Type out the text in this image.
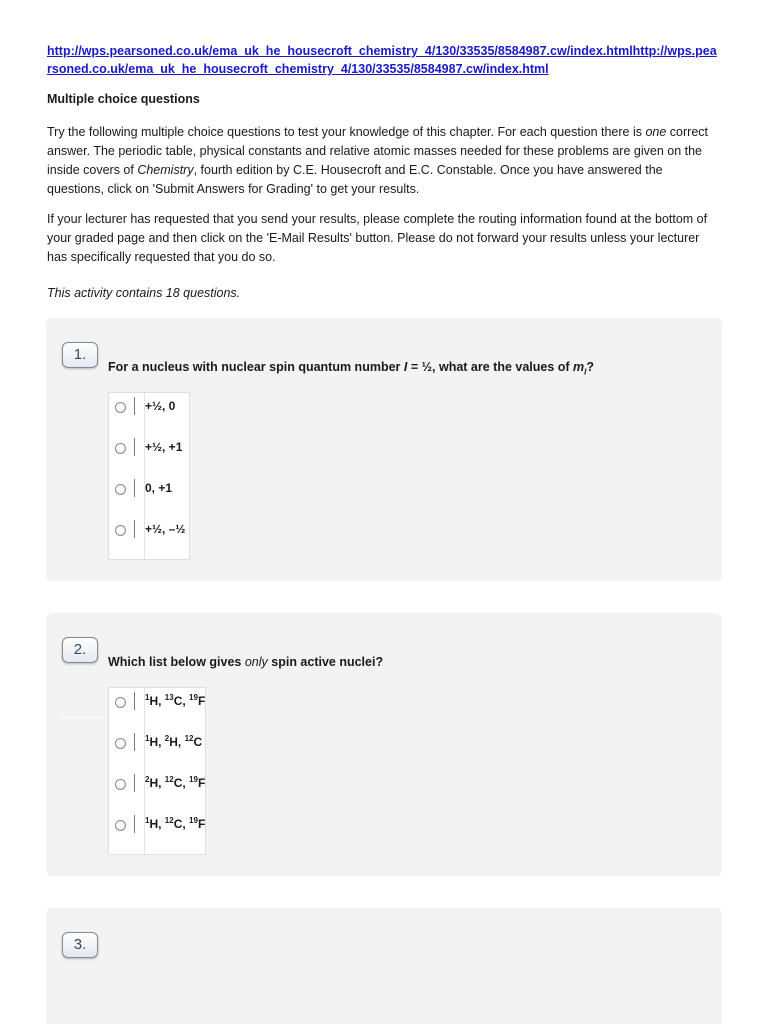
http://wps.pearsoned.co.uk/ema_uk_he_housecroft_chemistry_4/130/33535/8584987.cw/index.htmlhttp://wps.pearsoned.co.uk/ema_uk_he_housecroft_chemistry_4/130/33535/8584987.cw/index.html
Multiple choice questions

Try the following multiple choice questions to test your knowledge of this chapter. For each question there is one correct answer. The periodic table, physical constants and relative atomic masses needed for these problems are given on the inside covers of Chemistry, fourth edition by C.E. Housecroft and E.C. Constable. Once you have answered the questions, click on 'Submit Answers for Grading' to get your results.

If your lecturer has requested that you send your results, please complete the routing information found at the bottom of your graded page and then click on the 'E-Mail Results' button. Please do not forward your results unless your lecturer has specifically requested that you do so.

This activity contains 18 questions.

1.
For a nucleus with nuclear spin quantum number I = ½, what are the values of $m_I$?
+½, 0
+½, +1
0, +1
+½, –½
2.
Which list below gives only spin active nuclei?
$^1$H, $^{13}$C, $^{19}$F
$^1$H, $^2$H, $^{12}$C
$^2$H, $^{12}$C, $^{19}$F
$^1$H, $^{12}$C, $^{19}$F
3.
